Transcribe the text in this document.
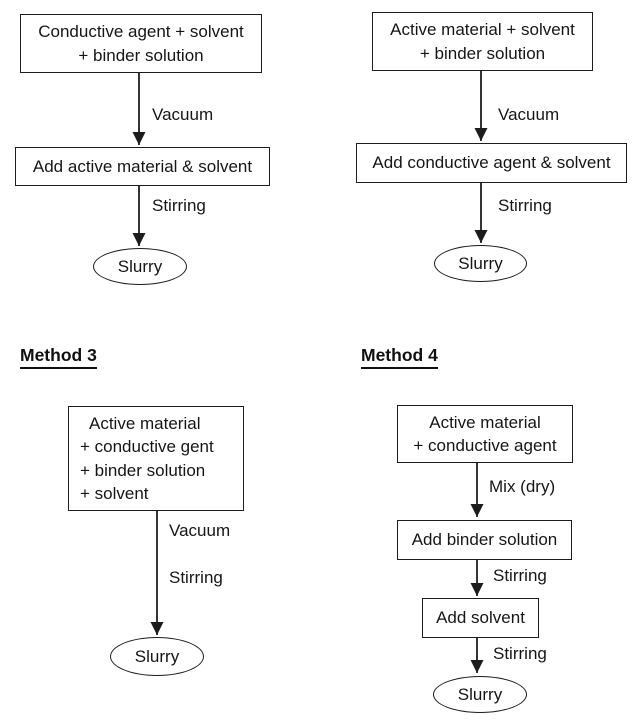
Conductive agent + solvent
+ binder solution
Vacuum
Add active material & solvent
Stirring
Slurry
Active material + solvent
+ binder solution
Vacuum
Add conductive agent & solvent
Stirring
Slurry
Method 3	Method 4
Active material
+ conductive gent
+ binder solution
+ solvent
Vacuum
Stirring
Slurry
Active material
+ conductive agent
Mix (dry)
Add binder solution
Stirring
Add solvent
Stirring
Slurry
